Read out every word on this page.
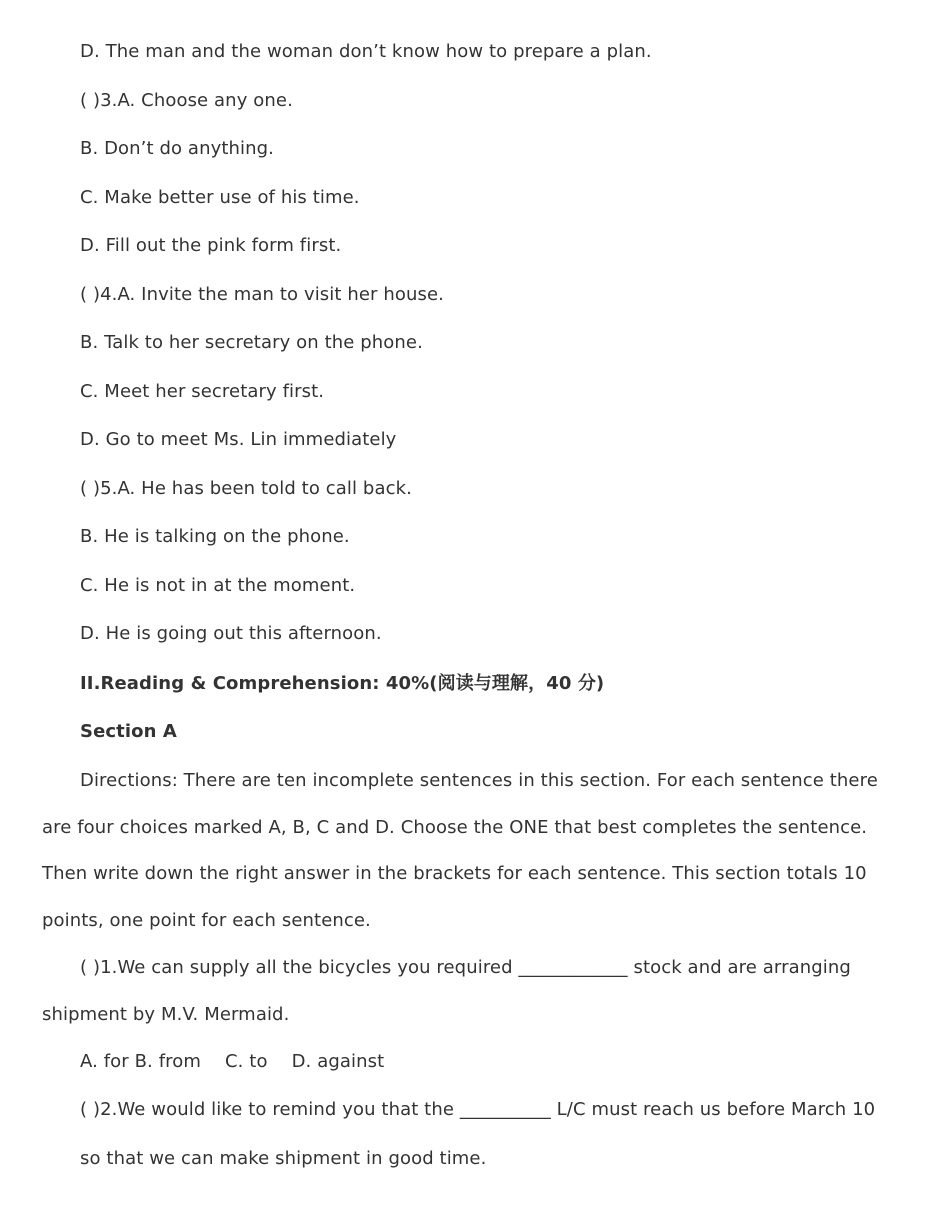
D. The man and the woman don’t know how to prepare a plan.
( )3.A. Choose any one.
B. Don’t do anything.
C. Make better use of his time.
D. Fill out the pink form first.
( )4.A. Invite the man to visit her house.
B. Talk to her secretary on the phone.
C. Meet her secretary first.
D. Go to meet Ms. Lin immediately
( )5.A. He has been told to call back.
B. He is talking on the phone.
C. He is not in at the moment.
D. He is going out this afternoon.
II.Reading & Comprehension: 40%(阅读与理解，40 分)
Section A
Directions: There are ten incomplete sentences in this section. For each sentence there
are four choices marked A, B, C and D. Choose the ONE that best completes the sentence.
Then write down the right answer in the brackets for each sentence. This section totals 10
points, one point for each sentence.
( )1.We can supply all the bicycles you required ____________ stock and are arranging
shipment by M.V. Mermaid.
A. for B. from C. to D. against
( )2.We would like to remind you that the __________ L/C must reach us before March 10
so that we can make shipment in good time.
